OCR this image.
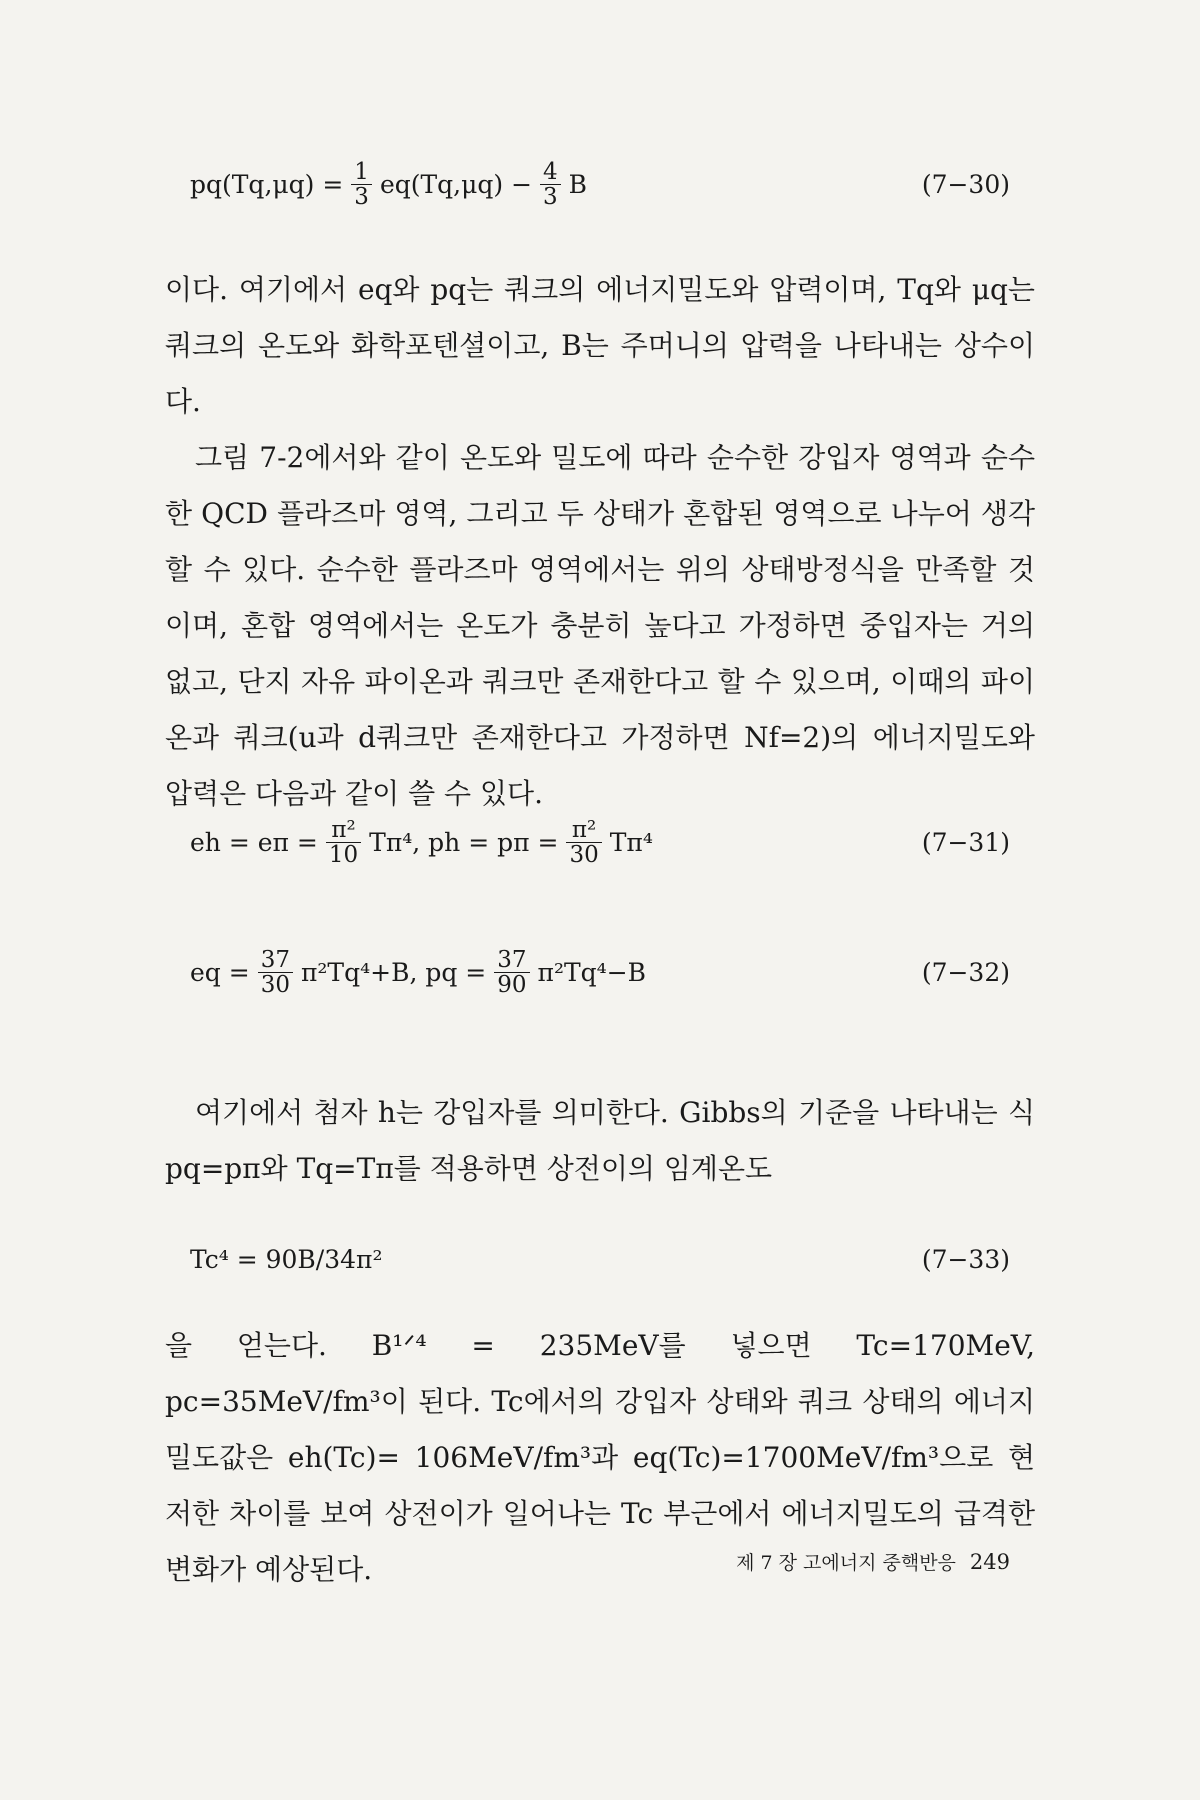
$pq(Tq,\mu q) = \frac{1}{3} eq(Tq,\mu q) - \frac{4}{3}$ B	(7−30)

이다. 여기에서 eq와 pq는 쿼크의 에너지밀도와 압력이며, Tq와 μq는 쿼크의 온도와 화학포텐셜이고, B는 주머니의 압력을 나타내는 상수이다.

그림 7-2에서와 같이 온도와 밀도에 따라 순수한 강입자 영역과 순수한 QCD 플라즈마 영역, 그리고 두 상태가 혼합된 영역으로 나누어 생각할 수 있다. 순수한 플라즈마 영역에서는 위의 상태방정식을 만족할 것이며, 혼합 영역에서는 온도가 충분히 높다고 가정하면 중입자는 거의 없고, 단지 자유 파이온과 쿼크만 존재한다고 할 수 있으며, 이때의 파이온과 쿼크(u과 d쿼크만 존재한다고 가정하면 Nf=2)의 에너지밀도와 압력은 다음과 같이 쓸 수 있다.

eh = $e\pi = \frac{\text{π²}}{10} T\pi^4$, ph = $p\pi = \frac{\text{π²}}{30} T\pi^4$	(7−31)
eq = $\frac{37}{30} \pi^2Tq^4+B$, pq = $\frac{37}{90} \pi^2Tq^4-B$	(7−32)

여기에서 첨자 h는 강입자를 의미한다. Gibbs의 기준을 나타내는 식 pq=pπ와 Tq=Tπ를 적용하면 상전이의 임계온도

Tc⁴ = 90B/34π²	(7−33)

을 얻는다. B¹ᐟ⁴ = 235MeV를 넣으면 Tc=170MeV, pc=35MeV/fm³이 된다. Tc에서의 강입자 상태와 쿼크 상태의 에너지밀도값은 eh(Tc)= 106MeV/fm³과 eq(Tc)=1700MeV/fm³으로 현저한 차이를 보여 상전이가 일어나는 Tc 부근에서 에너지밀도의 급격한 변화가 예상된다.	제 7 장 고에너지 중핵반응 249
